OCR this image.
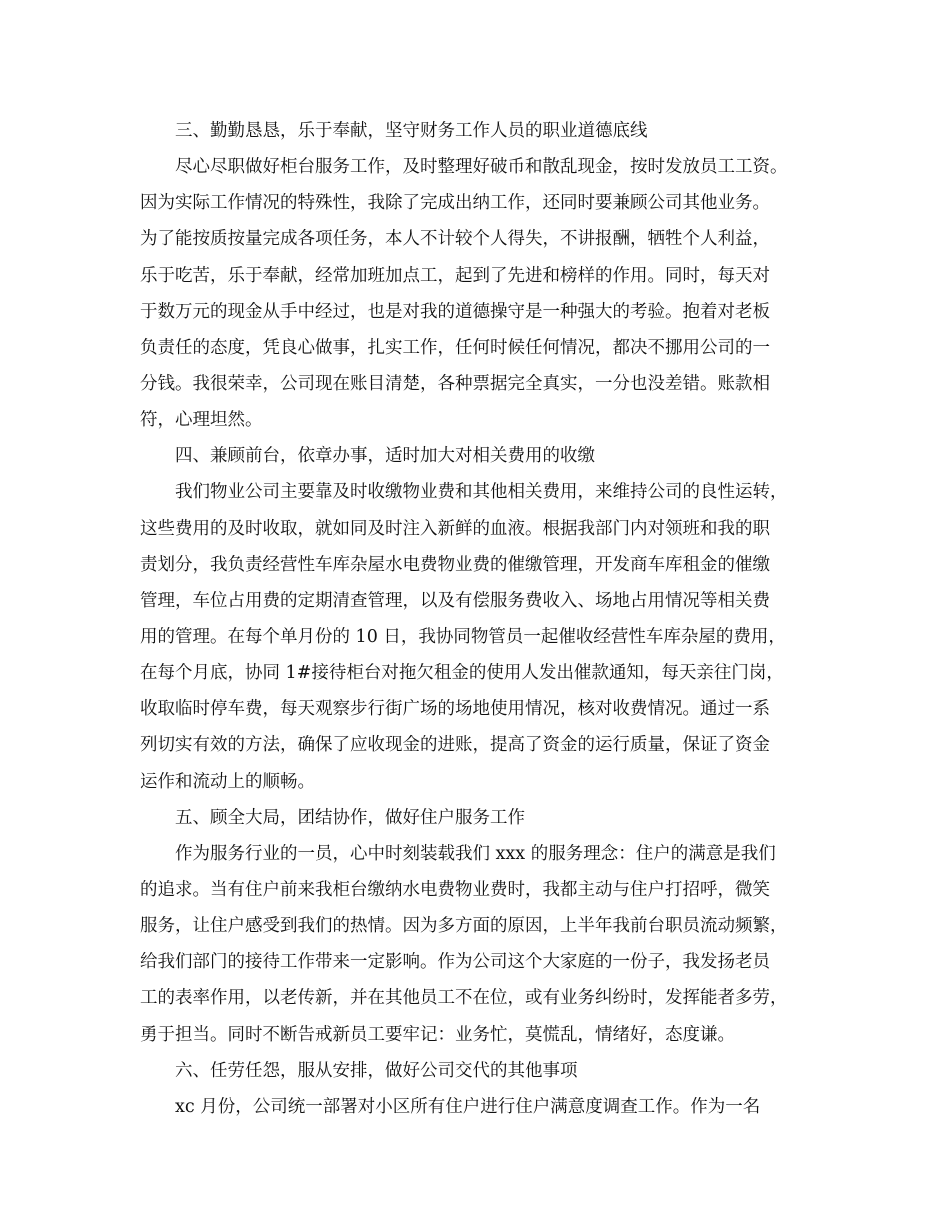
三、勤勤恳恳，乐于奉献，坚守财务工作人员的职业道德底线
尽心尽职做好柜台服务工作，及时整理好破币和散乱现金，按时发放员工工资。
因为实际工作情况的特殊性，我除了完成出纳工作，还同时要兼顾公司其他业务。
为了能按质按量完成各项任务，本人不计较个人得失，不讲报酬，牺牲个人利益，
乐于吃苦，乐于奉献，经常加班加点工，起到了先进和榜样的作用。同时，每天对
于数万元的现金从手中经过，也是对我的道德操守是一种强大的考验。抱着对老板
负责任的态度，凭良心做事，扎实工作，任何时候任何情况，都决不挪用公司的一
分钱。我很荣幸，公司现在账目清楚，各种票据完全真实，一分也没差错。账款相
符，心理坦然。
四、兼顾前台，依章办事，适时加大对相关费用的收缴
我们物业公司主要靠及时收缴物业费和其他相关费用，来维持公司的良性运转，
这些费用的及时收取，就如同及时注入新鲜的血液。根据我部门内对领班和我的职
责划分，我负责经营性车库杂屋水电费物业费的催缴管理，开发商车库租金的催缴
管理，车位占用费的定期清查管理，以及有偿服务费收入、场地占用情况等相关费
用的管理。在每个单月份的 10 日，我协同物管员一起催收经营性车库杂屋的费用，
在每个月底，协同 1#接待柜台对拖欠租金的使用人发出催款通知，每天亲往门岗，
收取临时停车费，每天观察步行街广场的场地使用情况，核对收费情况。通过一系
列切实有效的方法，确保了应收现金的进账，提高了资金的运行质量，保证了资金
运作和流动上的顺畅。
五、顾全大局，团结协作，做好住户服务工作
作为服务行业的一员，心中时刻装载我们 xxx 的服务理念：住户的满意是我们
的追求。当有住户前来我柜台缴纳水电费物业费时，我都主动与住户打招呼，微笑
服务，让住户感受到我们的热情。因为多方面的原因，上半年我前台职员流动频繁，
给我们部门的接待工作带来一定影响。作为公司这个大家庭的一份子，我发扬老员
工的表率作用，以老传新，并在其他员工不在位，或有业务纠纷时，发挥能者多劳，
勇于担当。同时不断告戒新员工要牢记：业务忙，莫慌乱，情绪好，态度谦。
六、任劳任怨，服从安排，做好公司交代的其他事项
xc 月份，公司统一部署对小区所有住户进行住户满意度调查工作。作为一名
